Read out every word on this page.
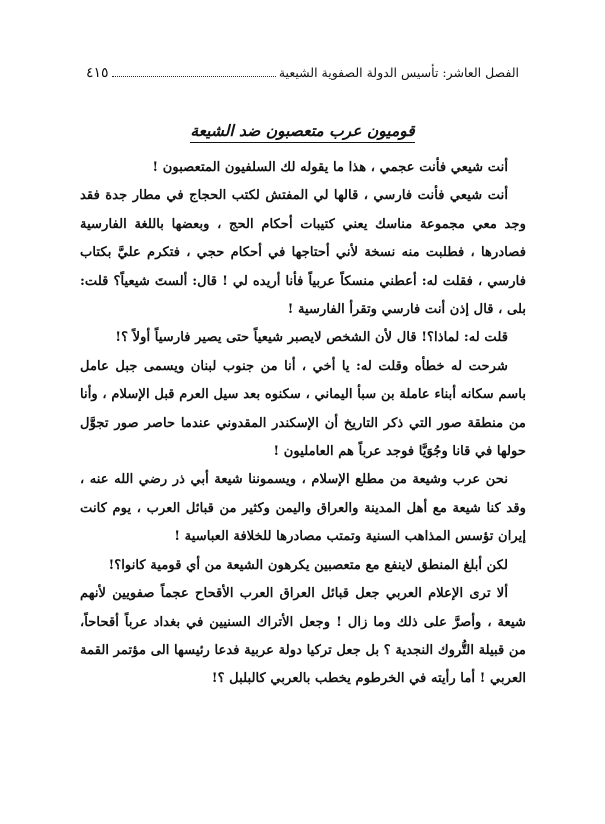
الفصل العاشر: تأسيس الدولة الصفوية الشيعية
٤١٥
قوميون عرب متعصبون ضد الشيعة

أنت شيعي فأنت عجمي ، هذا ما يقوله لك السلفيون المتعصبون !

أنت شيعي فأنت فارسي ، قالها لي المفتش لكتب الحجاج في مطار جدة فقد وجد معي مجموعة مناسك يعني كتيبات أحكام الحج ، وبعضها باللغة الفارسية فصادرها ، فطلبت منه نسخة لأني أحتاجها في أحكام حجي ، فتكرم عليَّ بكتاب فارسي ، فقلت له: أعطني منسكاً عربياً فأنا أريده لي ! قال: ألستَ شيعياً؟ قلت: بلى ، قال إذن أنت فارسي وتقرأ الفارسية !

قلت له: لماذا؟! قال لأن الشخص لايصبر شيعياً حتى يصير فارسياً أولاً ؟!

شرحت له خطأه وقلت له: يا أخي ، أنا من جنوب لبنان ويسمى جبل عامل باسم سكانه أبناء عاملة بن سبأ اليماني ، سكنوه بعد سيل العرم قبل الإسلام ، وأنا من منطقة صور التي ذكر التاريخ أن الإسكندر المقدوني عندما حاصر صور تجوَّل حولها في قانا وجُوَيَّا فوجد عرباً هم العامليون !

نحن عرب وشيعة من مطلع الإسلام ، ويسموننا شيعة أبي ذر رضي الله عنه ، وقد كنا شيعة مع أهل المدينة والعراق واليمن وكثير من قبائل العرب ، يوم كانت إيران تؤسس المذاهب السنية وتمتب مصادرها للخلافة العباسية !

لكن أبلغ المنطق لاينفع مع متعصبين يكرهون الشيعة من أي قومية كانوا؟!

ألا ترى الإعلام العربي جعل قبائل العراق العرب الأقحاح عجماً صفويين لأنهم شيعة ، وأصرَّ على ذلك وما زال ! وجعل الأتراك السنيين في بغداد عرباً أقحاحاً، من قبيلة التُّروك النجدية ؟ بل جعل تركيا دولة عربية فدعا رئيسها الى مؤتمر القمة العربي ! أما رأيته في الخرطوم يخطب بالعربي كالبلبل ؟!
